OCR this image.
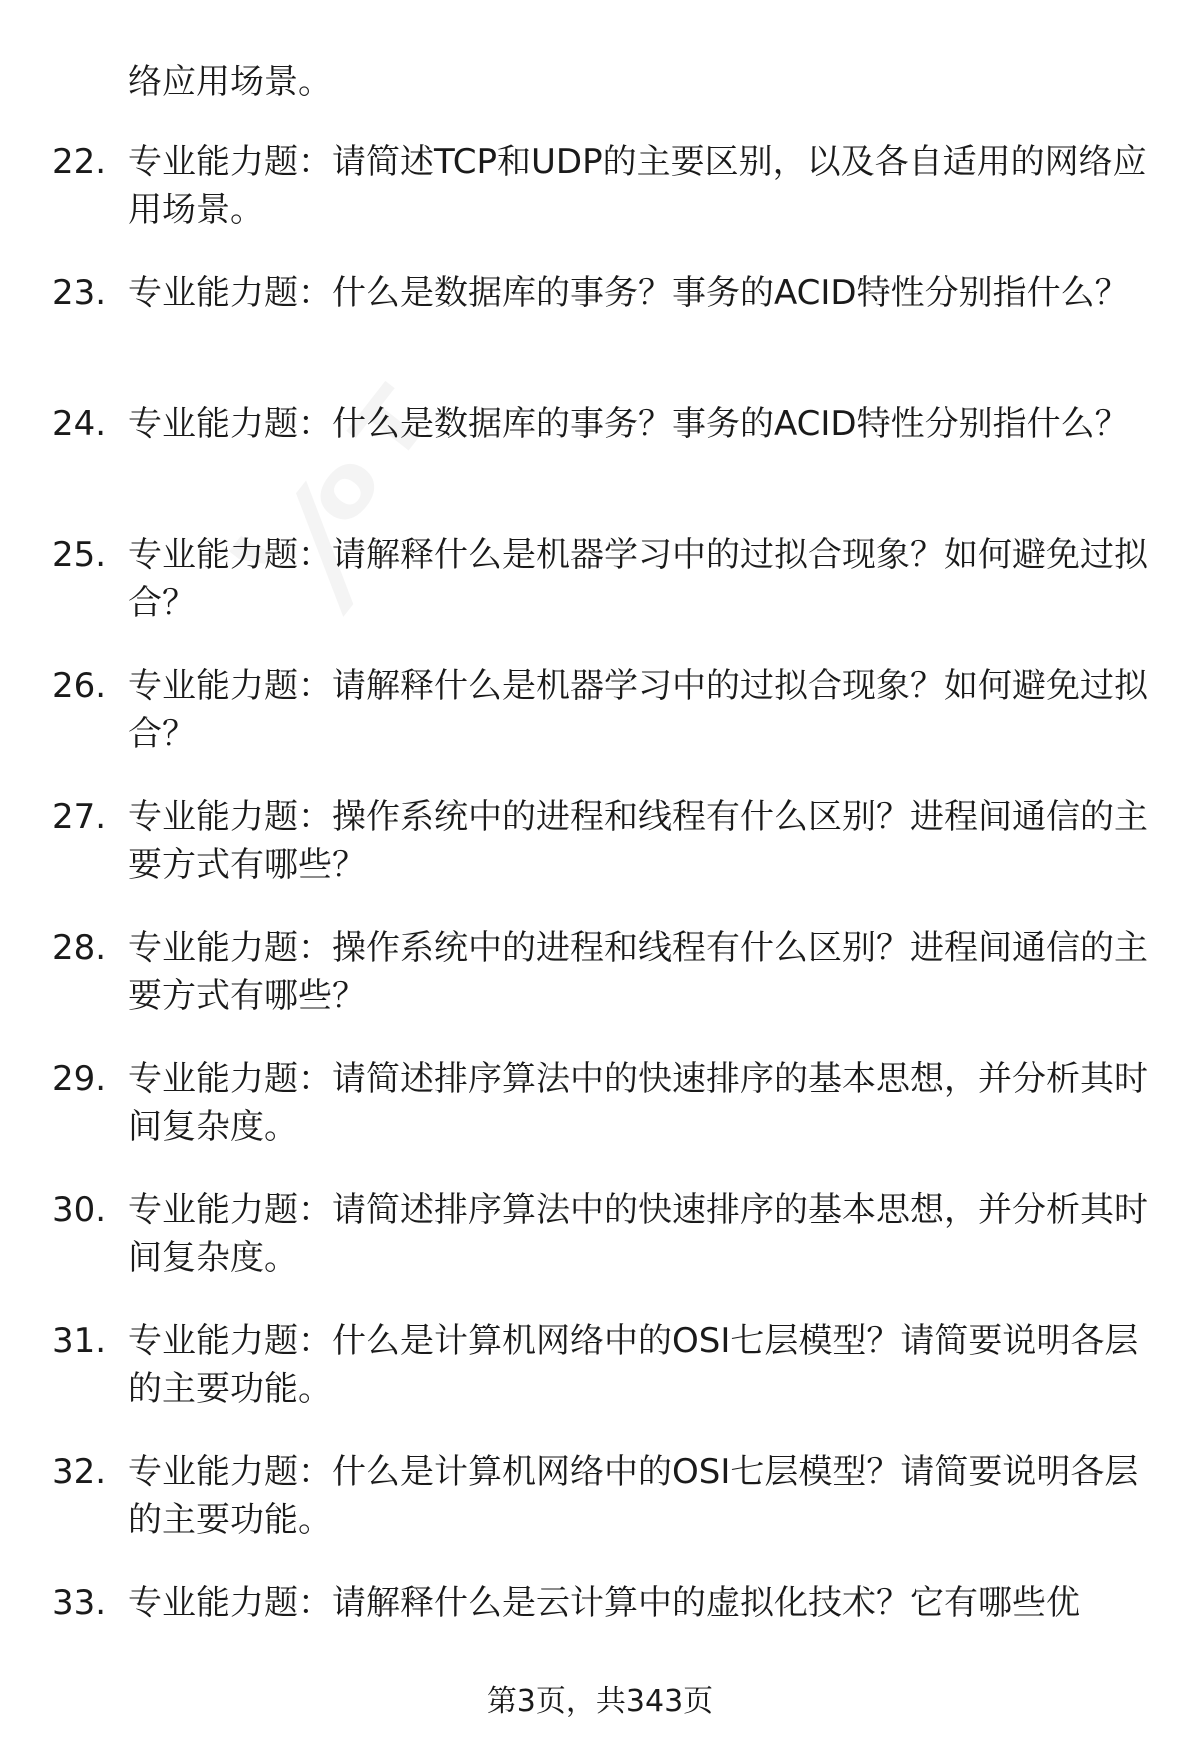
络应用场景。

22. 专业能力题：请简述TCP和UDP的主要区别，以及各自适用的网络应用场景。
23. 专业能力题：什么是数据库的事务？事务的ACID特性分别指什么？
24. 专业能力题：什么是数据库的事务？事务的ACID特性分别指什么？
25. 专业能力题：请解释什么是机器学习中的过拟合现象？如何避免过拟合？
26. 专业能力题：请解释什么是机器学习中的过拟合现象？如何避免过拟合？
27. 专业能力题：操作系统中的进程和线程有什么区别？进程间通信的主要方式有哪些？
28. 专业能力题：操作系统中的进程和线程有什么区别？进程间通信的主要方式有哪些？
29. 专业能力题：请简述排序算法中的快速排序的基本思想，并分析其时间复杂度。
30. 专业能力题：请简述排序算法中的快速排序的基本思想，并分析其时间复杂度。
31. 专业能力题：什么是计算机网络中的OSI七层模型？请简要说明各层的主要功能。
32. 专业能力题：什么是计算机网络中的OSI七层模型？请简要说明各层的主要功能。
33. 专业能力题：请解释什么是云计算中的虚拟化技术？它有哪些优
第3页，共343页
